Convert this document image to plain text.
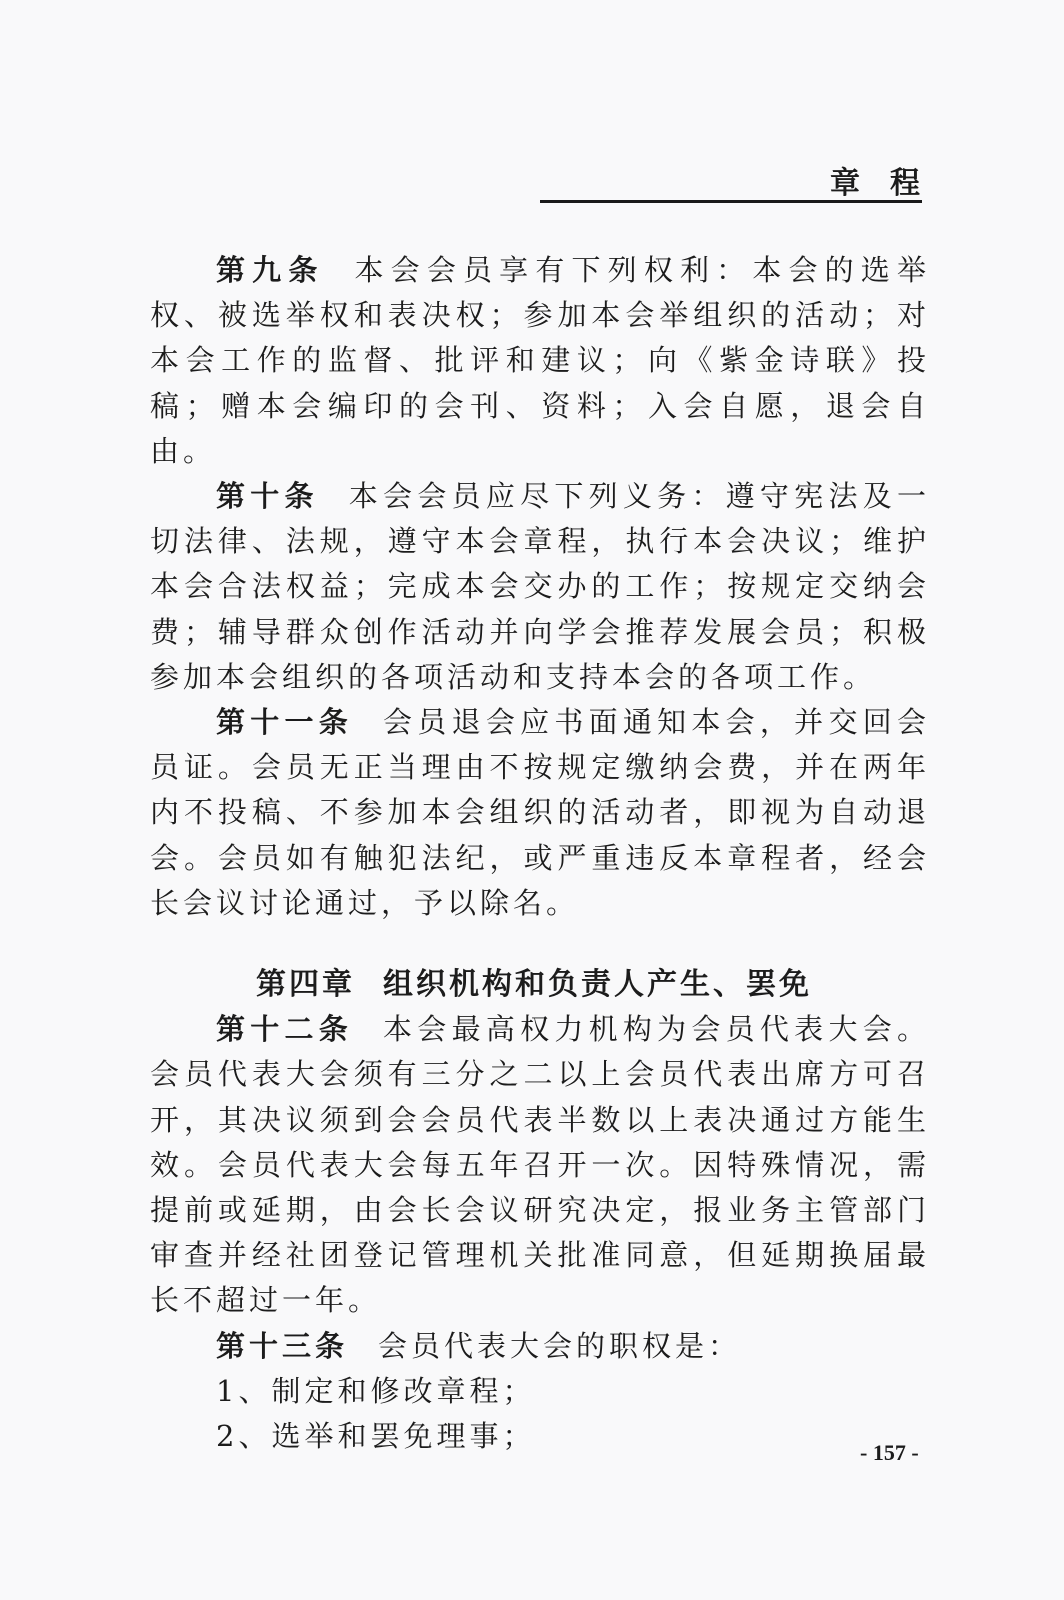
章程

第九条 本会会员享有下列权利：本会的选举权、被选举权和表决权；参加本会举组织的活动；对本会工作的监督、批评和建议；向《紫金诗联》投稿；赠本会编印的会刊、资料；入会自愿，退会自由。

第十条 本会会员应尽下列义务：遵守宪法及一切法律、法规，遵守本会章程，执行本会决议；维护本会合法权益；完成本会交办的工作；按规定交纳会费；辅导群众创作活动并向学会推荐发展会员；积极参加本会组织的各项活动和支持本会的各项工作。

第十一条 会员退会应书面通知本会，并交回会员证。会员无正当理由不按规定缴纳会费，并在两年内不投稿、不参加本会组织的活动者，即视为自动退会。会员如有触犯法纪，或严重违反本章程者，经会长会议讨论通过，予以除名。

第四章 组织机构和负责人产生、罢免

第十二条 本会最高权力机构为会员代表大会。会员代表大会须有三分之二以上会员代表出席方可召开，其决议须到会会员代表半数以上表决通过方能生效。会员代表大会每五年召开一次。因特殊情况，需提前或延期，由会长会议研究决定，报业务主管部门审查并经社团登记管理机关批准同意，但延期换届最长不超过一年。

第十三条 会员代表大会的职权是：

1、制定和修改章程；

2、选举和罢免理事；	- 157 -
